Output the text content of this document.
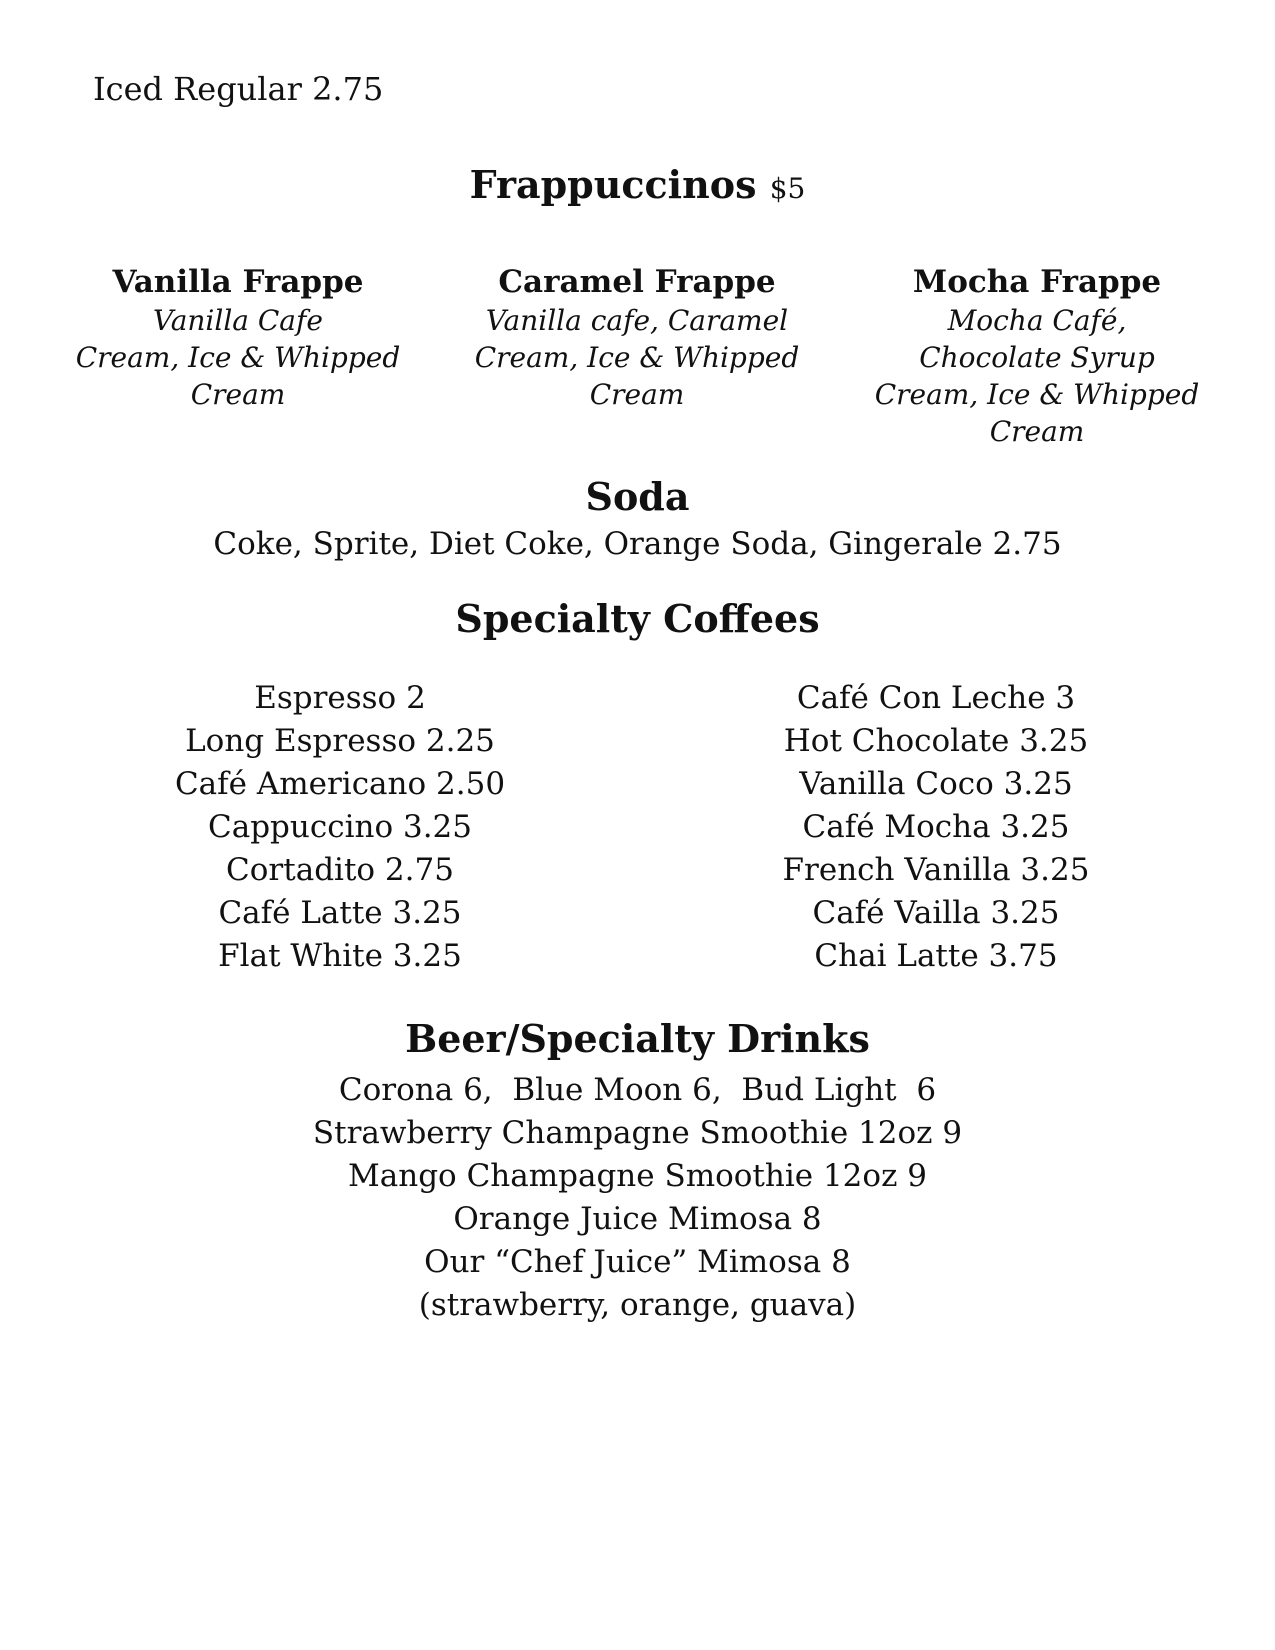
Iced Regular 2.75
Frappuccinos $5
Vanilla Frappe
Vanilla Cafe
Cream, Ice & Whipped
Cream
Caramel Frappe
Vanilla cafe, Caramel
Cream, Ice & Whipped
Cream
Mocha Frappe
Mocha Café,
Chocolate Syrup
Cream, Ice & Whipped
Cream
Soda
Coke, Sprite, Diet Coke, Orange Soda, Gingerale 2.75
Specialty Coffees
Espresso 2
Long Espresso 2.25
Café Americano 2.50
Cappuccino 3.25
Cortadito 2.75
Café Latte 3.25
Flat White 3.25
Café Con Leche 3
Hot Chocolate 3.25
Vanilla Coco 3.25
Café Mocha 3.25
French Vanilla 3.25
Café Vailla 3.25
Chai Latte 3.75
Beer/Specialty Drinks
Corona 6,  Blue Moon 6,  Bud Light  6
Strawberry Champagne Smoothie 12oz 9
Mango Champagne Smoothie 12oz 9
Orange Juice Mimosa 8
Our “Chef Juice” Mimosa 8
(strawberry, orange, guava)
